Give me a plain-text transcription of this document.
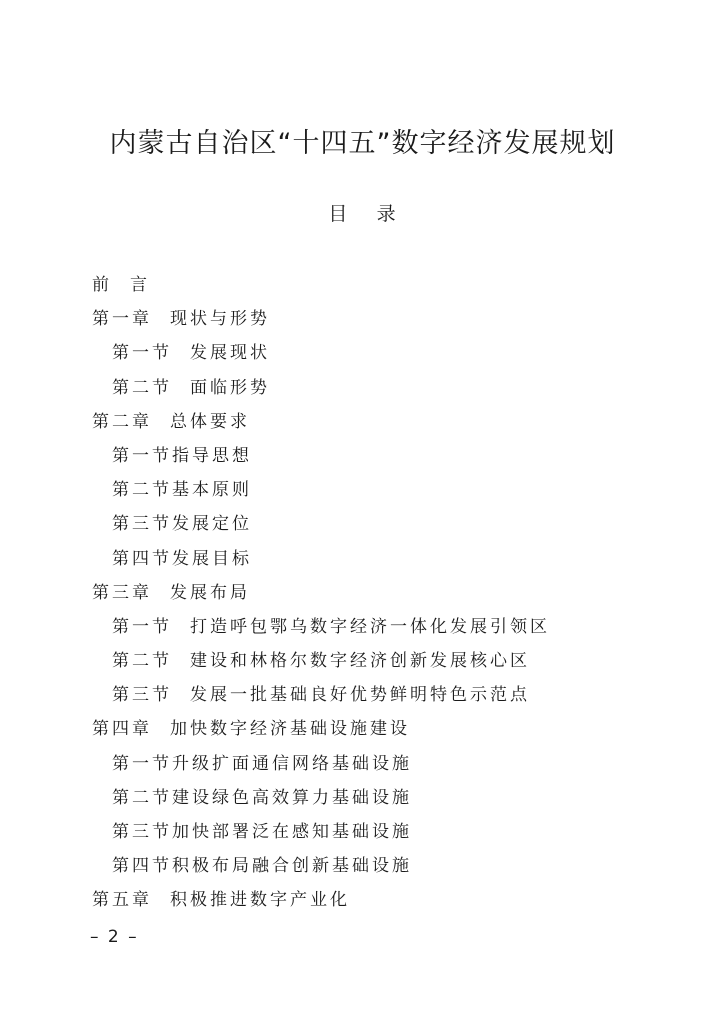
内蒙古自治区“十四五”数字经济发展规划
目    录
前	言
第一章	现状与形势
第一节	发展现状
第二节	面临形势
第二章	总体要求
第一节 指导思想
第二节 基本原则
第三节 发展定位
第四节 发展目标
第三章	发展布局
第一节	打造呼包鄂乌数字经济一体化发展引领区
第二节	建设和林格尔数字经济创新发展核心区
第三节	发展一批基础良好优势鲜明特色示范点
第四章	加快数字经济基础设施建设
第一节 升级扩面通信网络基础设施
第二节 建设绿色高效算力基础设施
第三节 加快部署泛在感知基础设施
第四节 积极布局融合创新基础设施
第五章	积极推进数字产业化
– 2 –
